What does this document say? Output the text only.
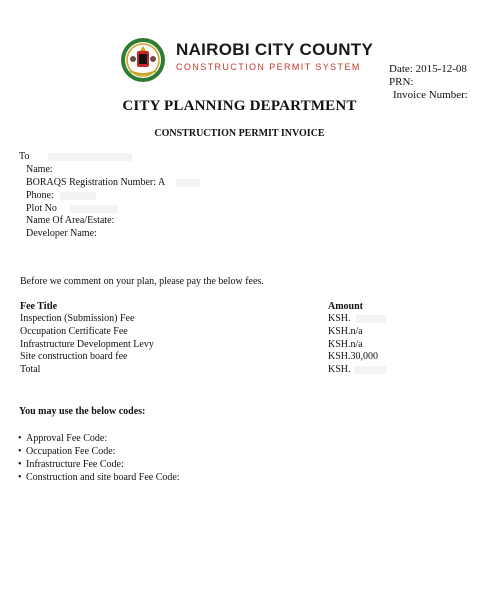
NAIROBI CITY COUNTY
CONSTRUCTION PERMIT SYSTEM	Date: 2015-12-08
PRN:
Invoice Number:
CITY PLANNING DEPARTMENT
CONSTRUCTION PERMIT INVOICE
To
Name:
BORAQS Registration Number: A
Phone:
Plot No
Name Of Area/Estate:
Developer Name:
Before we comment on your plan, please pay the below fees.
Fee Title	Amount
Inspection (Submission) Fee	KSH.
Occupation Certificate Fee	KSH.n/a
Infrastructure Development Levy	KSH.n/a
Site construction board fee	KSH.30,000
Total	KSH.
You may use the below codes:
• Approval Fee Code:
• Occupation Fee Code:
• Infrastructure Fee Code:
• Construction and site board Fee Code:
